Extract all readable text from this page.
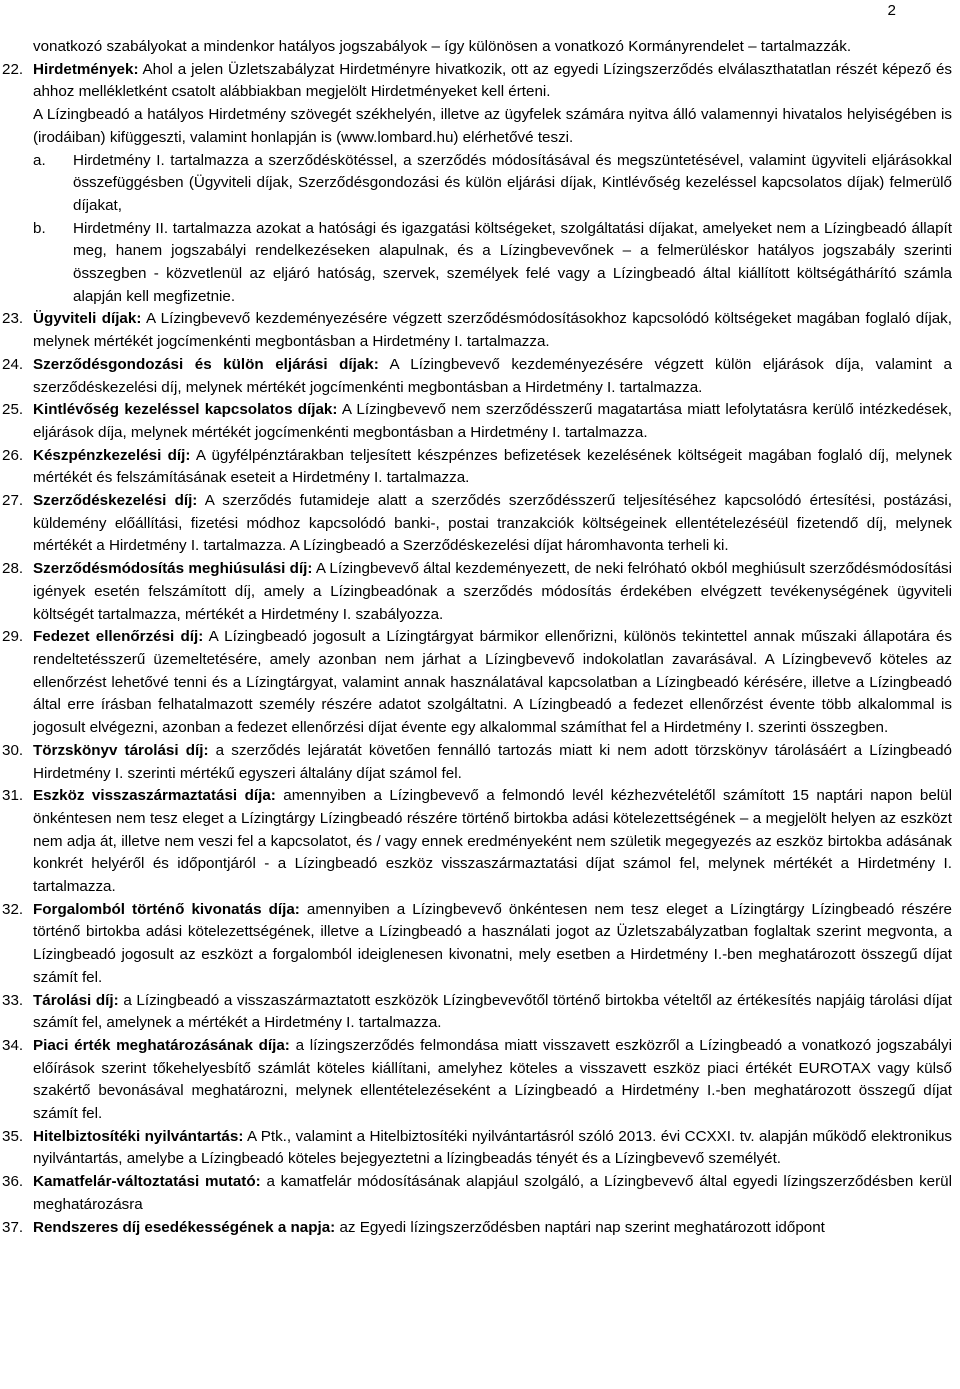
2

vonatkozó szabályokat a mindenkor hatályos jogszabályok – így különösen a vonatkozó Kormányrendelet – tartalmazzák.

22. Hirdetmények: Ahol a jelen Üzletszabályzat Hirdetményre hivatkozik, ott az egyedi Lízingszerződés elválaszthatatlan részét képező és ahhoz mellékletként csatolt alábbiakban megjelölt Hirdetményeket kell érteni.

A Lízingbeadó a hatályos Hirdetmény szövegét székhelyén, illetve az ügyfelek számára nyitva álló valamennyi hivatalos helyiségében is (irodáiban) kifüggeszti, valamint honlapján is (www.lombard.hu) elérhetővé teszi.

a. Hirdetmény I. tartalmazza a szerződéskötéssel, a szerződés módosításával és megszüntetésével, valamint ügyviteli eljárásokkal összefüggésben (Ügyviteli díjak, Szerződésgondozási és külön eljárási díjak, Kintlévőség kezeléssel kapcsolatos díjak) felmerülő díjakat,
b. Hirdetmény II. tartalmazza azokat a hatósági és igazgatási költségeket, szolgáltatási díjakat, amelyeket nem a Lízingbeadó állapít meg, hanem jogszabályi rendelkezéseken alapulnak, és a Lízingbevevőnek – a felmerüléskor hatályos jogszabály szerinti összegben - közvetlenül az eljáró hatóság, szervek, személyek felé vagy a Lízingbeadó által kiállított költségáthárító számla alapján kell megfizetnie.
23. Ügyviteli díjak: A Lízingbevevő kezdeményezésére végzett szerződésmódosításokhoz kapcsolódó költségeket magában foglaló díjak, melynek mértékét jogcímenkénti megbontásban a Hirdetmény I. tartalmazza.
24. Szerződésgondozási és külön eljárási díjak: A Lízingbevevő kezdeményezésére végzett külön eljárások díja, valamint a szerződéskezelési díj, melynek mértékét jogcímenkénti megbontásban a Hirdetmény I. tartalmazza.
25. Kintlévőség kezeléssel kapcsolatos díjak: A Lízingbevevő nem szerződésszerű magatartása miatt lefolytatásra kerülő intézkedések, eljárások díja, melynek mértékét jogcímenkénti megbontásban a Hirdetmény I. tartalmazza.
26. Készpénzkezelési díj: A ügyfélpénztárakban teljesített készpénzes befizetések kezelésének költségeit magában foglaló díj, melynek mértékét és felszámításának eseteit a Hirdetmény I. tartalmazza.
27. Szerződéskezelési díj: A szerződés futamideje alatt a szerződés szerződésszerű teljesítéséhez kapcsolódó értesítési, postázási, küldemény előállítási, fizetési módhoz kapcsolódó banki-, postai tranzakciók költségeinek ellentételezéséül fizetendő díj, melynek mértékét a Hirdetmény I. tartalmazza. A Lízingbeadó a Szerződéskezelési díjat háromhavonta terheli ki.
28. Szerződésmódosítás meghiúsulási díj: A Lízingbevevő által kezdeményezett, de neki felróható okból meghiúsult szerződésmódosítási igények esetén felszámított díj, amely a Lízingbeadónak a szerződés módosítás érdekében elvégzett tevékenységének ügyviteli költségét tartalmazza, mértékét a Hirdetmény I. szabályozza.
29. Fedezet ellenőrzési díj: A Lízingbeadó jogosult a Lízingtárgyat bármikor ellenőrizni, különös tekintettel annak műszaki állapotára és rendeltetésszerű üzemeltetésére, amely azonban nem járhat a Lízingbevevő indokolatlan zavarásával. A Lízingbevevő köteles az ellenőrzést lehetővé tenni és a Lízingtárgyat, valamint annak használatával kapcsolatban a Lízingbeadó kérésére, illetve a Lízingbeadó által erre írásban felhatalmazott személy részére adatot szolgáltatni. A Lízingbeadó a fedezet ellenőrzést évente több alkalommal is jogosult elvégezni, azonban a fedezet ellenőrzési díjat évente egy alkalommal számíthat fel a Hirdetmény I. szerinti összegben.
30. Törzskönyv tárolási díj: a szerződés lejáratát követően fennálló tartozás miatt ki nem adott törzskönyv tárolásáért a Lízingbeadó Hirdetmény I. szerinti mértékű egyszeri általány díjat számol fel.
31. Eszköz visszaszármaztatási díja: amennyiben a Lízingbevevő a felmondó levél kézhezvételétől számított 15 naptári napon belül önkéntesen nem tesz eleget a Lízingtárgy Lízingbeadó részére történő birtokba adási kötelezettségének – a megjelölt helyen az eszközt nem adja át, illetve nem veszi fel a kapcsolatot, és / vagy ennek eredményeként nem születik megegyezés az eszköz birtokba adásának konkrét helyéről és időpontjáról - a Lízingbeadó eszköz visszaszármaztatási díjat számol fel, melynek mértékét a Hirdetmény I. tartalmazza.
32. Forgalomból történő kivonatás díja: amennyiben a Lízingbevevő önkéntesen nem tesz eleget a Lízingtárgy Lízingbeadó részére történő birtokba adási kötelezettségének, illetve a Lízingbeadó a használati jogot az Üzletszabályzatban foglaltak szerint megvonta, a Lízingbeadó jogosult az eszközt a forgalomból ideiglenesen kivonatni, mely esetben a Hirdetmény I.-ben meghatározott összegű díjat számít fel.
33. Tárolási díj: a Lízingbeadó a visszaszármaztatott eszközök Lízingbevevőtől történő birtokba vételtől az értékesítés napjáig tárolási díjat számít fel, amelynek a mértékét a Hirdetmény I. tartalmazza.
34. Piaci érték meghatározásának díja: a lízingszerződés felmondása miatt visszavett eszközről a Lízingbeadó a vonatkozó jogszabályi előírások szerint tőkehelyesbítő számlát köteles kiállítani, amelyhez köteles a visszavett eszköz piaci értékét EUROTAX vagy külső szakértő bevonásával meghatározni, melynek ellentételezéseként a Lízingbeadó a Hirdetmény I.-ben meghatározott összegű díjat számít fel.
35. Hitelbiztosítéki nyilvántartás: A Ptk., valamint a Hitelbiztosítéki nyilvántartásról szóló 2013. évi CCXXI. tv. alapján működő elektronikus nyilvántartás, amelybe a Lízingbeadó köteles bejegyeztetni a lízingbeadás tényét és a Lízingbevevő személyét.
36. Kamatfelár-változtatási mutató: a kamatfelár módosításának alapjául szolgáló, a Lízingbevevő által egyedi lízingszerződésben kerül meghatározásra
37. Rendszeres díj esedékességének a napja: az Egyedi lízingszerződésben naptári nap szerint meghatározott időpont
